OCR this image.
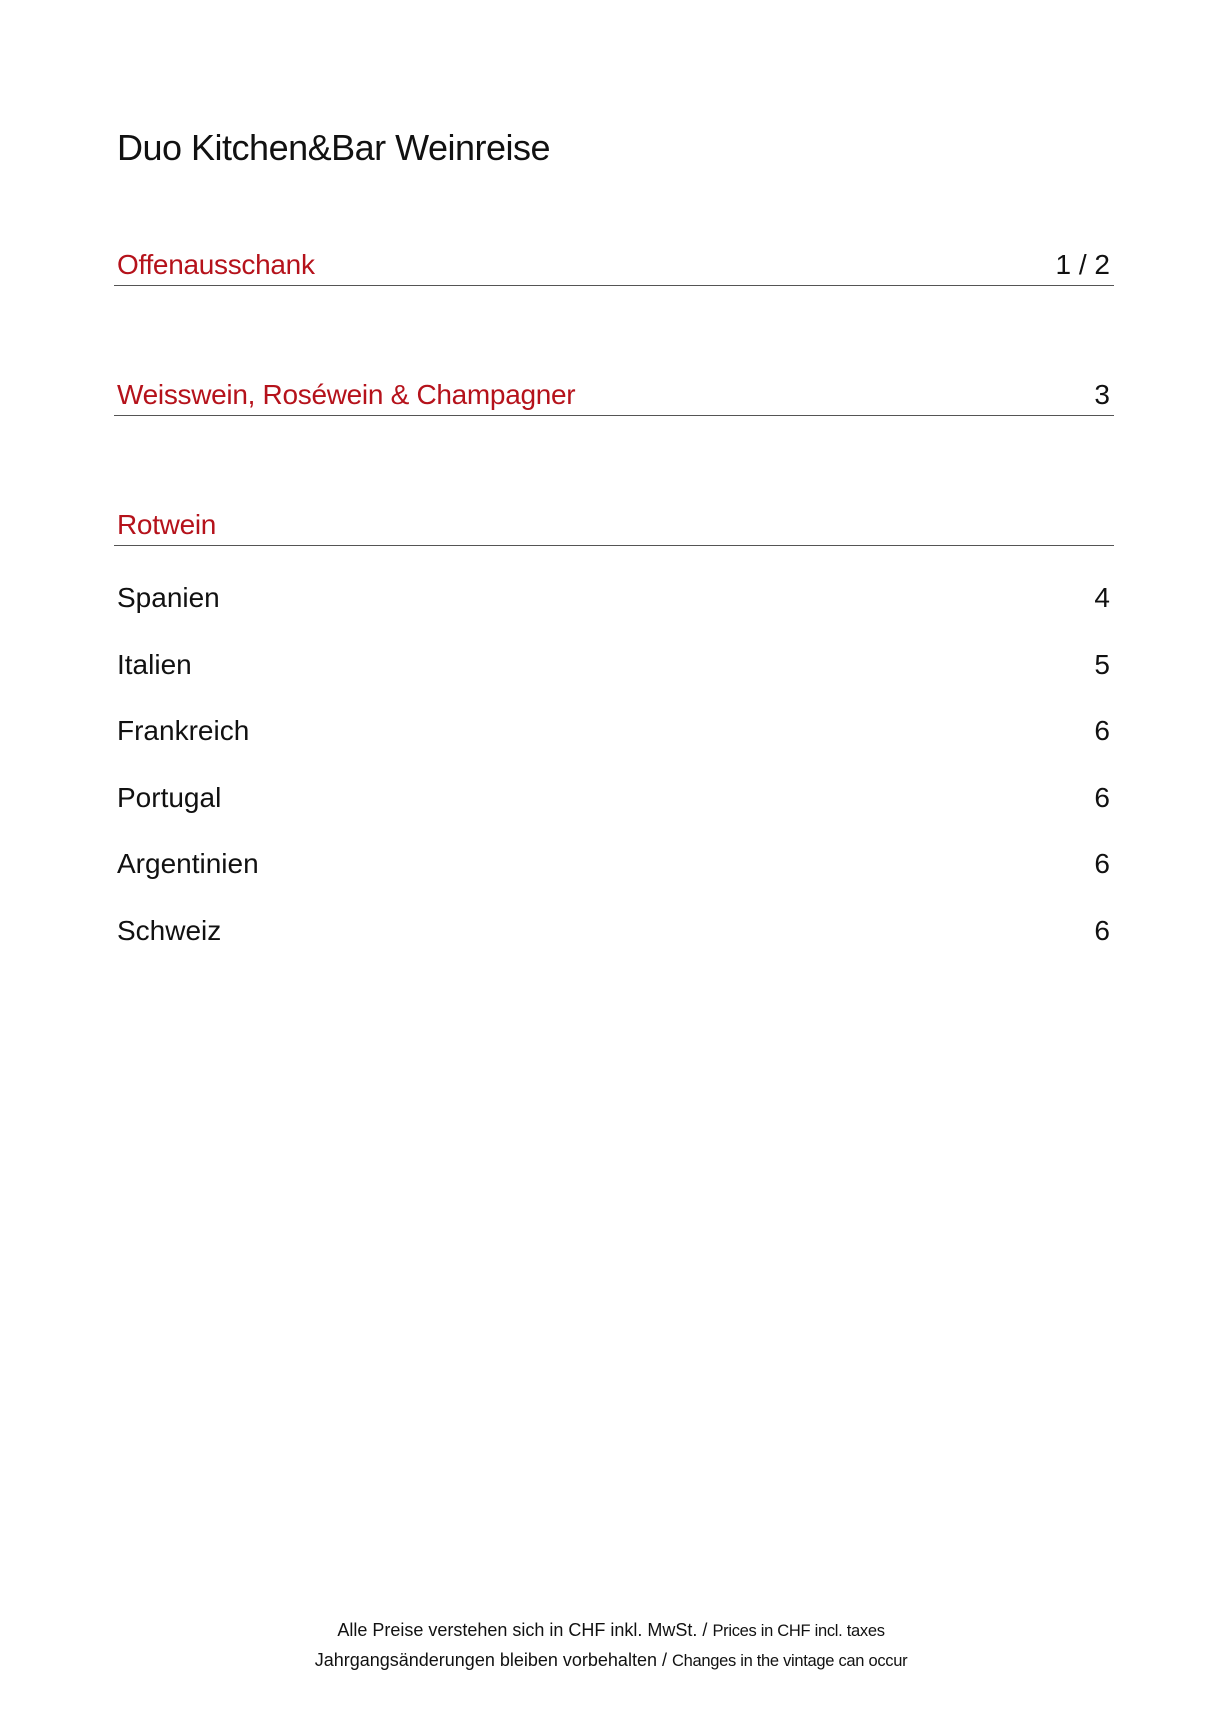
Duo Kitchen&Bar Weinreise
Offenausschank	1 / 2
Weisswein, Roséwein & Champagner	3
Rotwein
Spanien	4
Italien	5
Frankreich	6
Portugal	6
Argentinien	6
Schweiz	6
Alle Preise verstehen sich in CHF inkl. MwSt. / Prices in CHF incl. taxes
Jahrgangsänderungen bleiben vorbehalten / Changes in the vintage can occur
